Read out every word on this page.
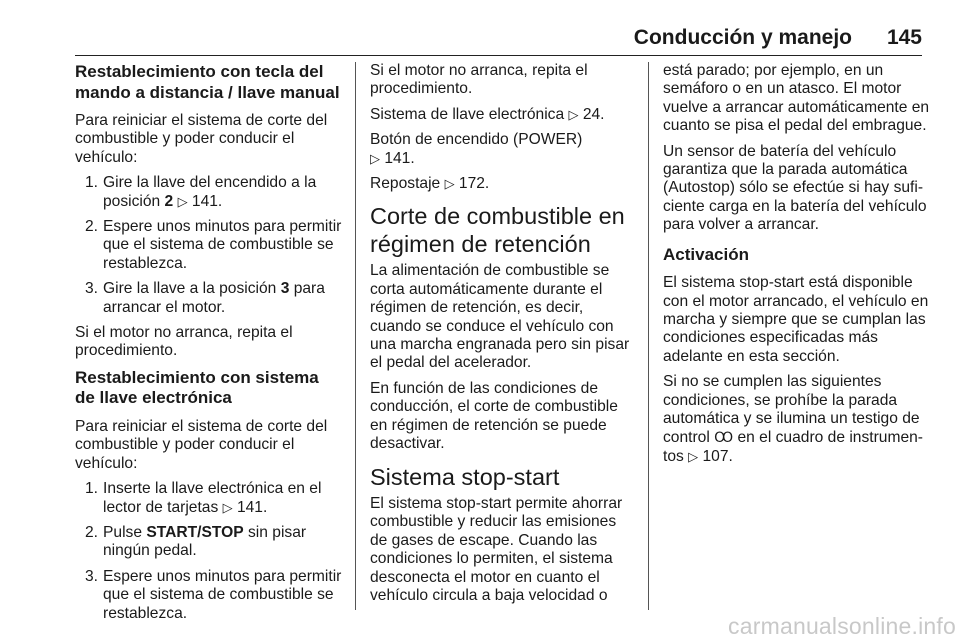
Conducción y manejo 145
Restablecimiento con tecla del mando a distancia / llave manual
Para reiniciar el sistema de corte del combustible y poder conducir el vehículo:
1. Gire la llave del encendido a la posición 2 ▷ 141.
2. Espere unos minutos para permitir que el sistema de combustible se restablezca.
3. Gire la llave a la posición 3 para arrancar el motor.
Si el motor no arranca, repita el procedimiento.
Restablecimiento con sistema de llave electrónica
Para reiniciar el sistema de corte del combustible y poder conducir el vehículo:
1. Inserte la llave electrónica en el lector de tarjetas ▷ 141.
2. Pulse START/STOP sin pisar ningún pedal.
3. Espere unos minutos para permitir que el sistema de combustible se restablezca.
Si el motor no arranca, repita el procedimiento.
Sistema de llave electrónica ▷ 24.
Botón de encendido (POWER)
▷ 141.
Repostaje ▷ 172.
Corte de combustible en régimen de retención
La alimentación de combustible se corta automáticamente durante el régimen de retención, es decir, cuando se conduce el vehículo con una marcha engranada pero sin pisar el pedal del acelerador.
En función de las condiciones de conducción, el corte de combustible en régimen de retención se puede desactivar.
Sistema stop-start
El sistema stop-start permite ahorrar combustible y reducir las emisiones de gases de escape. Cuando las condiciones lo permiten, el sistema desconecta el motor en cuanto el vehículo circula a baja velocidad o
está parado; por ejemplo, en un semáforo o en un atasco. El motor vuelve a arrancar automáticamente en cuanto se pisa el pedal del embrague.
Un sensor de batería del vehículo garantiza que la parada automática (Autostop) sólo se efectúe si hay suficiente carga en la batería del vehículo para volver a arrancar.
Activación
El sistema stop-start está disponible con el motor arrancado, el vehículo en marcha y siempre que se cumplan las condiciones especificadas más adelante en esta sección.
Si no se cumplen las siguientes condiciones, se prohíbe la parada automática y se ilumina un testigo de control Ꝏ en el cuadro de instrumentos ▷ 107.
carmanualsonline.info
